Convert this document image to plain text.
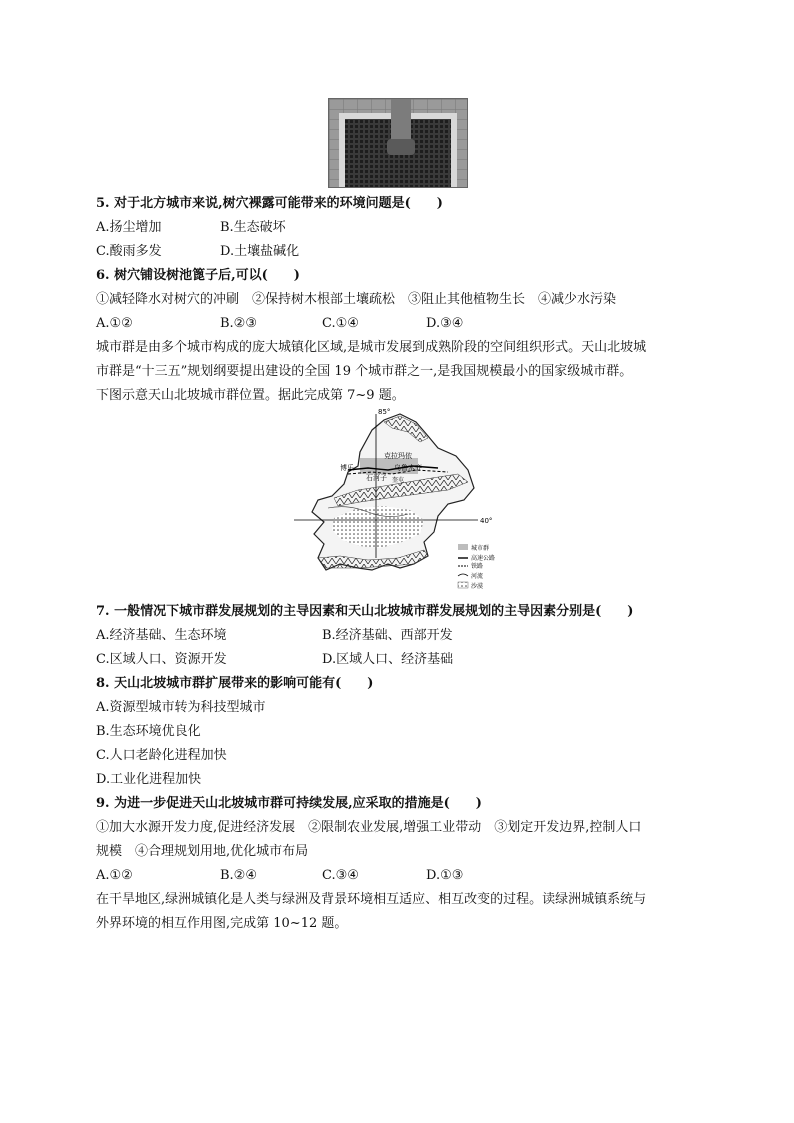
5. 对于北方城市来说,树穴裸露可能带来的环境问题是(　　)
A.扬尘增加	B.生态破坏
C.酸雨多发	D.土壤盐碱化
6. 树穴铺设树池篦子后,可以(　　)
①减轻降水对树穴的冲刷　②保持树木根部土壤疏松　③阻止其他植物生长　④减少水污染
A.①②	B.②③	C.①④	D.③④
城市群是由多个城市构成的庞大城镇化区域,是城市发展到成熟阶段的空间组织形式。天山北坡城
市群是“十三五”规划纲要提出建设的全国 19 个城市群之一,是我国规模最小的国家级城市群。
下图示意天山北坡城市群位置。据此完成第 7~9 题。
85°
40°
克拉玛依
博乐	乌鲁木齐
石河子 奎屯
城市群
高速公路
铁路
河流
沙漠
7. 一般情况下城市群发展规划的主导因素和天山北坡城市群发展规划的主导因素分别是(　　)
A.经济基础、生态环境	B.经济基础、西部开发
C.区域人口、资源开发	D.区域人口、经济基础
8. 天山北坡城市群扩展带来的影响可能有(　　)
A.资源型城市转为科技型城市
B.生态环境优良化
C.人口老龄化进程加快
D.工业化进程加快
9. 为进一步促进天山北坡城市群可持续发展,应采取的措施是(　　)
①加大水源开发力度,促进经济发展　②限制农业发展,增强工业带动　③划定开发边界,控制人口
规模　④合理规划用地,优化城市布局
A.①②	B.②④	C.③④	D.①③
在干旱地区,绿洲城镇化是人类与绿洲及背景环境相互适应、相互改变的过程。读绿洲城镇系统与
外界环境的相互作用图,完成第 10~12 题。
